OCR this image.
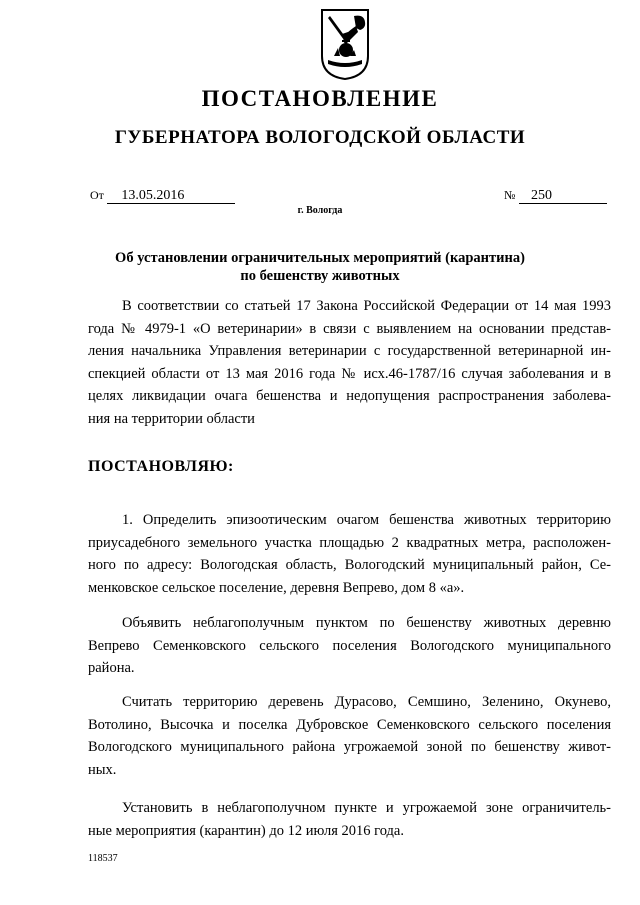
ПОСТАНОВЛЕНИЕ
ГУБЕРНАТОРА ВОЛОГОДСКОЙ ОБЛАСТИ
От 13.05.2016	№ 250
г. Вологда
Об установлении ограничительных мероприятий (карантина)
по бешенству животных
В соответствии со статьей 17 Закона Российской Федерации от 14 мая 1993
года № 4979-1 «О ветеринарии» в связи с выявлением на основании представ-
ления начальника Управления ветеринарии с государственной ветеринарной ин-
спекцией области от 13 мая 2016 года № исх.46-1787/16 случая заболевания и в
целях ликвидации очага бешенства и недопущения распространения заболева-
ния на территории области
ПОСТАНОВЛЯЮ:
1. Определить эпизоотическим очагом бешенства животных территорию
приусадебного земельного участка площадью 2 квадратных метра, расположен-
ного по адресу: Вологодская область, Вологодский муниципальный район, Се-
менковское сельское поселение, деревня Вепрево, дом 8 «а».
Объявить неблагополучным пунктом по бешенству животных деревню
Вепрево Семенковского сельского поселения Вологодского муниципального
района.
Считать территорию деревень Дурасово, Семшино, Зеленино, Окунево,
Вотолино, Высочка и поселка Дубровское Семенковского сельского поселения
Вологодского муниципального района угрожаемой зоной по бешенству живот-
ных.
Установить в неблагополучном пункте и угрожаемой зоне ограничитель-
ные мероприятия (карантин) до 12 июля 2016 года.
118537
